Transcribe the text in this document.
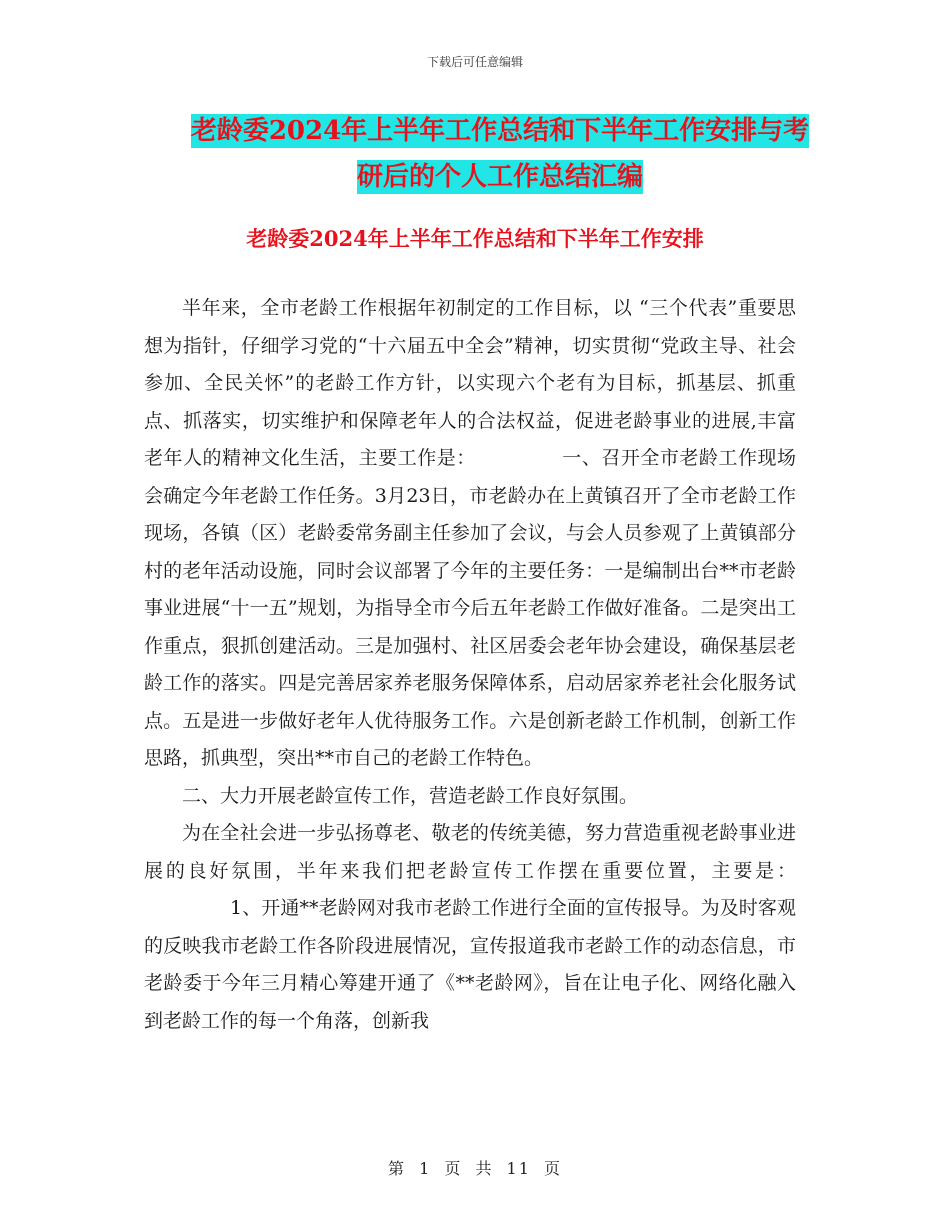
下载后可任意编辑
老龄委2024年上半年工作总结和下半年工作安排与考
研后的个人工作总结汇编
老龄委2024年上半年工作总结和下半年工作安排

半年来，全市老龄工作根据年初制定的工作目标，以 “三个代表”重要思想为指针，仔细学习党的“十六届五中全会”精神，切实贯彻“党政主导、社会参加、全民关怀”的老龄工作方针，以实现六个老有为目标，抓基层、抓重点、抓落实，切实维护和保障老年人的合法权益，促进老龄事业的进展,丰富老年人的精神文化生活，主要工作是：	一、召开全市老龄工作现场会确定今年老龄工作任务。3月23日，市老龄办在上黄镇召开了全市老龄工作现场，各镇（区）老龄委常务副主任参加了会议，与会人员参观了上黄镇部分村的老年活动设施，同时会议部署了今年的主要任务：一是编制出台**市老龄事业进展“十一五”规划，为指导全市今后五年老龄工作做好准备。二是突出工作重点，狠抓创建活动。三是加强村、社区居委会老年协会建设，确保基层老龄工作的落实。四是完善居家养老服务保障体系，启动居家养老社会化服务试点。五是进一步做好老年人优待服务工作。六是创新老龄工作机制，创新工作思路，抓典型，突出**市自己的老龄工作特色。

二、大力开展老龄宣传工作，营造老龄工作良好氛围。

为在全社会进一步弘扬尊老、敬老的传统美德，努力营造重视老龄事业进展的良好氛围，半年来我们把老龄宣传工作摆在重要位置，主要是：1、开通**老龄网对我市老龄工作进行全面的宣传报导。为及时客观的反映我市老龄工作各阶段进展情况，宣传报道我市老龄工作的动态信息，市老龄委于今年三月精心筹建开通了《**老龄网》，旨在让电子化、网络化融入到老龄工作的每一个角落，创新我

第 1 页 共 11 页
